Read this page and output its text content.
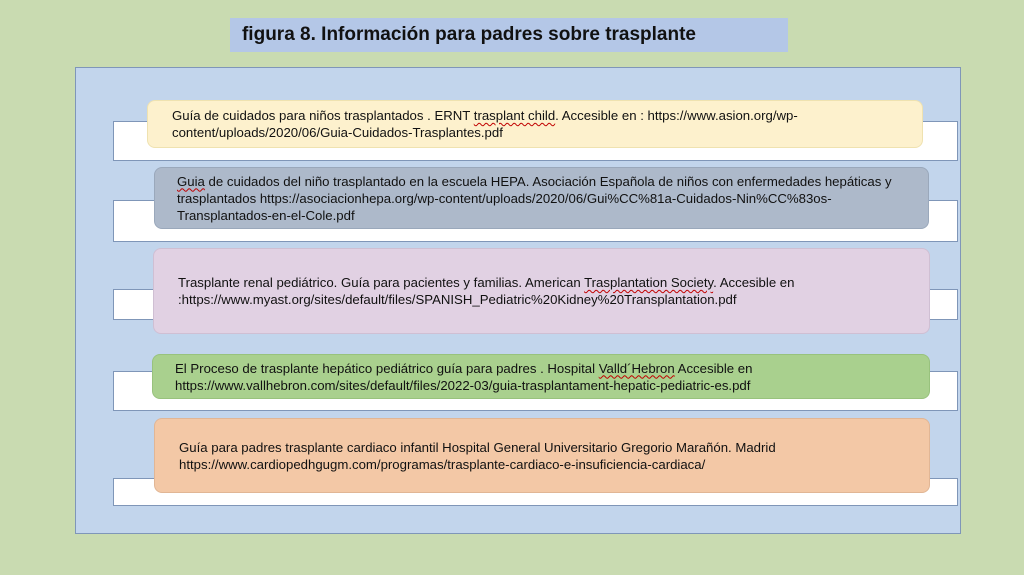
figura 8. Información para padres sobre trasplante

Guía de cuidados para niños trasplantados . ERNT trasplant child. Accesible en : https://www.asion.org/wp-content/uploads/2020/06/Guia-Cuidados-Trasplantes.pdf

Guia de cuidados del niño trasplantado en la escuela HEPA. Asociación Española de niños con enfermedades hepáticas y trasplantados https://asociacionhepa.org/wp-content/uploads/2020/06/Gui%CC%81a-Cuidados-Nin%CC%83os-Transplantados-en-el-Cole.pdf

Trasplante renal pediátrico. Guía para pacientes y familias. American Trasplantation Society. Accesible en :https://www.myast.org/sites/default/files/SPANISH_Pediatric%20Kidney%20Transplantation.pdf

El Proceso de trasplante hepático pediátrico guía para padres . Hospital Valld´Hebron Accesible en https://www.vallhebron.com/sites/default/files/2022-03/guia-trasplantament-hepatic-pediatric-es.pdf

Guía para padres trasplante cardiaco infantil Hospital General Universitario Gregorio Marañón. Madrid https://www.cardiopedhgugm.com/programas/trasplante-cardiaco-e-insuficiencia-cardiaca/
